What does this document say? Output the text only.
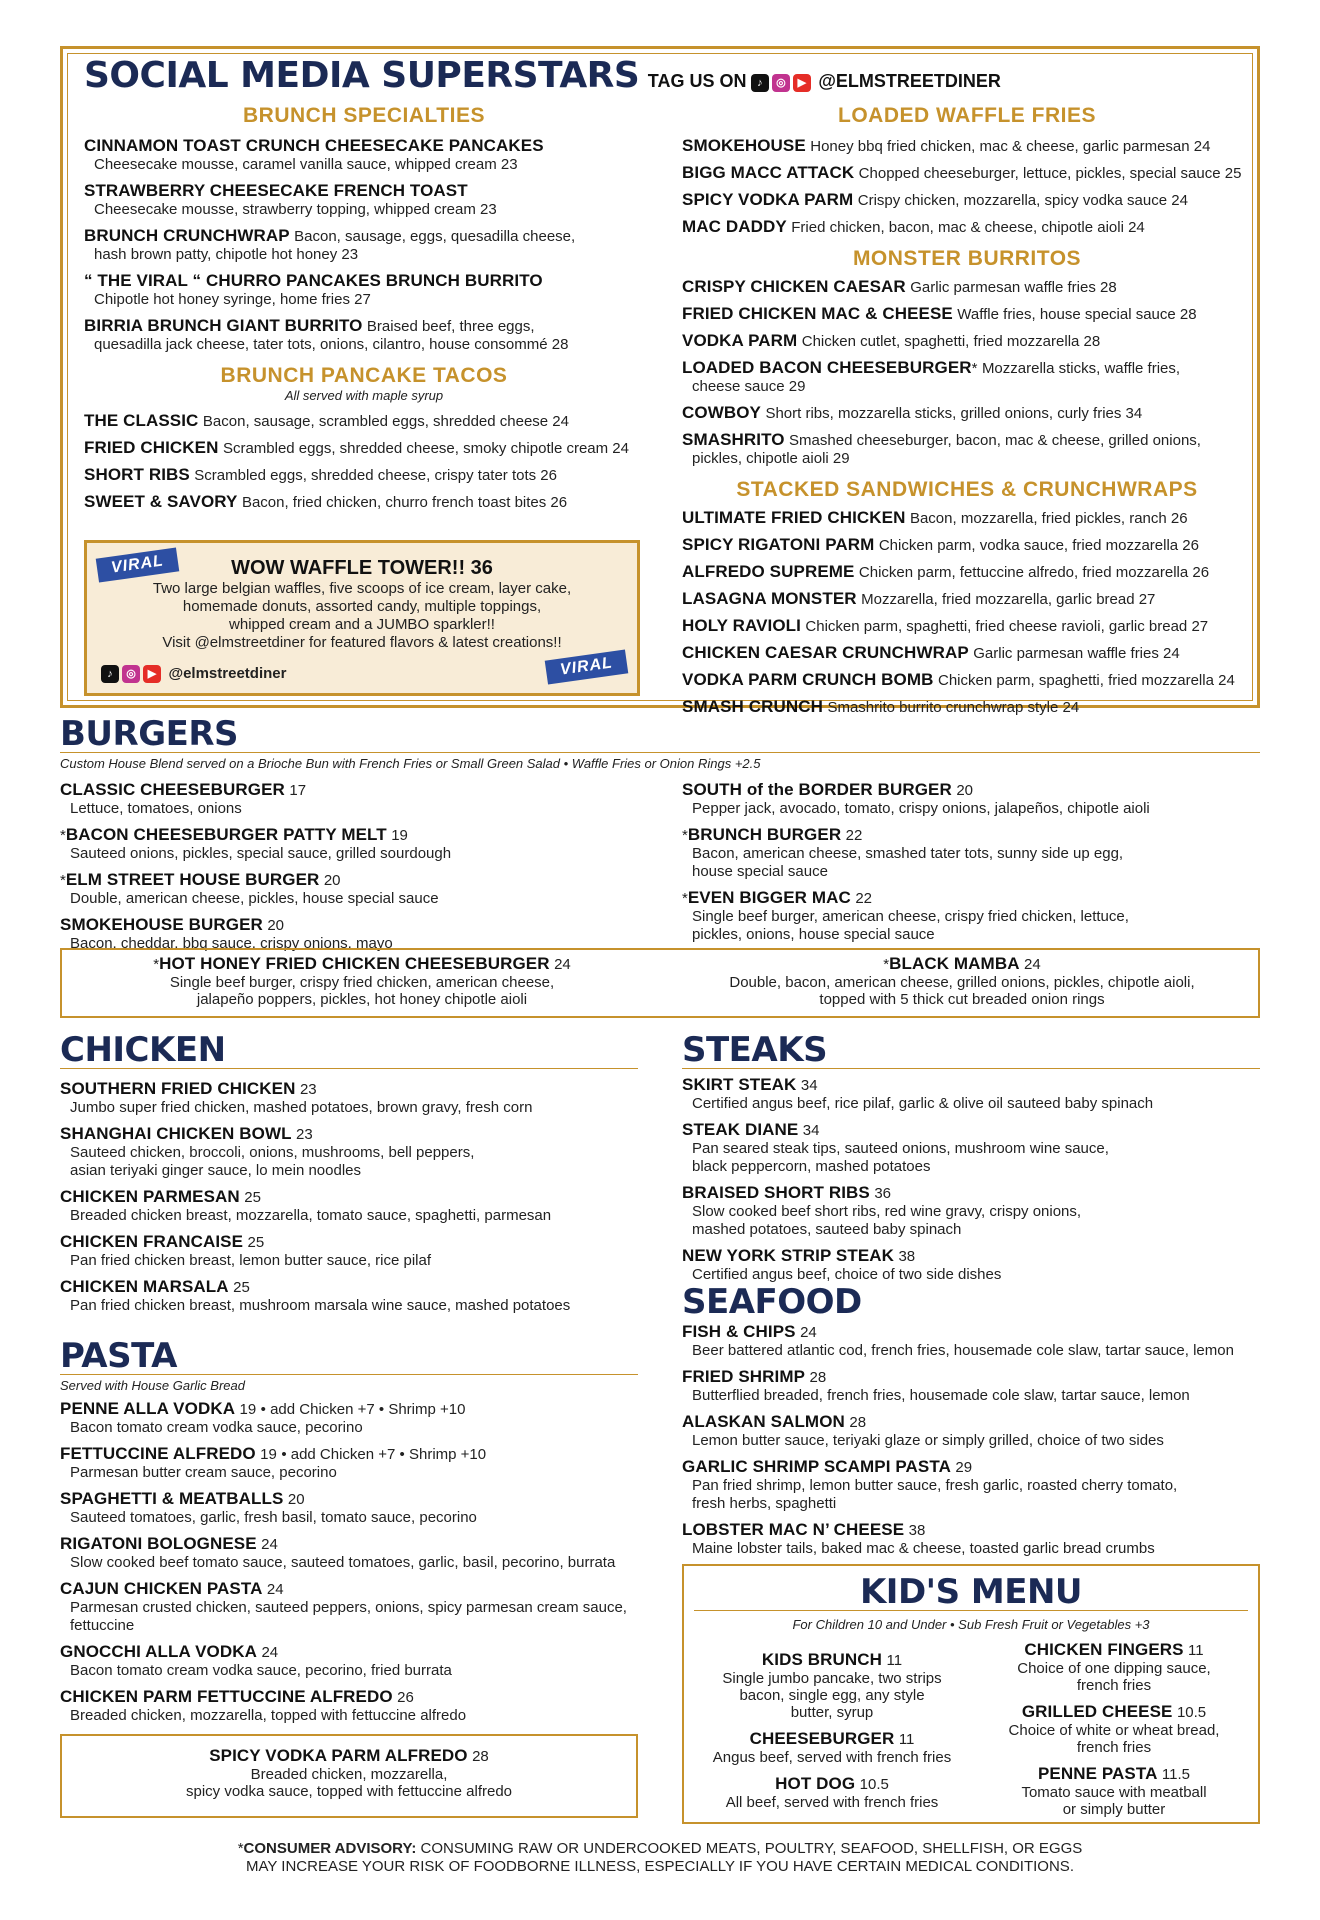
SOCIAL MEDIA SUPERSTARS TAG US ON ♪ ◎ ▶ @ELMSTREETDINER
BRUNCH SPECIALTIES
CINNAMON TOAST CRUNCH CHEESECAKE PANCAKES
Cheesecake mousse, caramel vanilla sauce, whipped cream 23
STRAWBERRY CHEESECAKE FRENCH TOAST
Cheesecake mousse, strawberry topping, whipped cream 23
BRUNCH CRUNCHWRAP Bacon, sausage, eggs, quesadilla cheese,
hash brown patty, chipotle hot honey 23
“ THE VIRAL “ CHURRO PANCAKES BRUNCH BURRITO
Chipotle hot honey syringe, home fries 27
BIRRIA BRUNCH GIANT BURRITO Braised beef, three eggs,
quesadilla jack cheese, tater tots, onions, cilantro, house consommé 28
BRUNCH PANCAKE TACOS
All served with maple syrup
THE CLASSIC Bacon, sausage, scrambled eggs, shredded cheese 24
FRIED CHICKEN Scrambled eggs, shredded cheese, smoky chipotle cream 24
SHORT RIBS Scrambled eggs, shredded cheese, crispy tater tots 26
SWEET & SAVORY Bacon, fried chicken, churro french toast bites 26
VIRAL
VIRAL
WOW WAFFLE TOWER!! 36
Two large belgian waffles, five scoops of ice cream, layer cake,
homemade donuts, assorted candy, multiple toppings,
whipped cream and a JUMBO sparkler!!
Visit @elmstreetdiner for featured flavors & latest creations!!
♪ ◎ ▶ @elmstreetdiner
LOADED WAFFLE FRIES
SMOKEHOUSE Honey bbq fried chicken, mac & cheese, garlic parmesan 24
BIGG MACC ATTACK Chopped cheeseburger, lettuce, pickles, special sauce 25
SPICY VODKA PARM Crispy chicken, mozzarella, spicy vodka sauce 24
MAC DADDY Fried chicken, bacon, mac & cheese, chipotle aioli 24
MONSTER BURRITOS
CRISPY CHICKEN CAESAR Garlic parmesan waffle fries 28
FRIED CHICKEN MAC & CHEESE Waffle fries, house special sauce 28
VODKA PARM Chicken cutlet, spaghetti, fried mozzarella 28
LOADED BACON CHEESEBURGER* Mozzarella sticks, waffle fries,
cheese sauce 29
COWBOY Short ribs, mozzarella sticks, grilled onions, curly fries 34
SMASHRITO Smashed cheeseburger, bacon, mac & cheese, grilled onions,
pickles, chipotle aioli 29
STACKED SANDWICHES & CRUNCHWRAPS
ULTIMATE FRIED CHICKEN Bacon, mozzarella, fried pickles, ranch 26
SPICY RIGATONI PARM Chicken parm, vodka sauce, fried mozzarella 26
ALFREDO SUPREME Chicken parm, fettuccine alfredo, fried mozzarella 26
LASAGNA MONSTER Mozzarella, fried mozzarella, garlic bread 27
HOLY RAVIOLI Chicken parm, spaghetti, fried cheese ravioli, garlic bread 27
CHICKEN CAESAR CRUNCHWRAP Garlic parmesan waffle fries 24
VODKA PARM CRUNCH BOMB Chicken parm, spaghetti, fried mozzarella 24
SMASH CRUNCH Smashrito burrito crunchwrap style 24
BURGERS
Custom House Blend served on a Brioche Bun with French Fries or Small Green Salad • Waffle Fries or Onion Rings +2.5
CLASSIC CHEESEBURGER 17
Lettuce, tomatoes, onions
*BACON CHEESEBURGER PATTY MELT 19
Sauteed onions, pickles, special sauce, grilled sourdough
*ELM STREET HOUSE BURGER 20
Double, american cheese, pickles, house special sauce
SMOKEHOUSE BURGER 20
Bacon, cheddar, bbq sauce, crispy onions, mayo
SOUTH of the BORDER BURGER 20
Pepper jack, avocado, tomato, crispy onions, jalapeños, chipotle aioli
*BRUNCH BURGER 22
Bacon, american cheese, smashed tater tots, sunny side up egg,
house special sauce
*EVEN BIGGER MAC 22
Single beef burger, american cheese, crispy fried chicken, lettuce,
pickles, onions, house special sauce
*HOT HONEY FRIED CHICKEN CHEESEBURGER 24
Single beef burger, crispy fried chicken, american cheese,
jalapeño poppers, pickles, hot honey chipotle aioli
*BLACK MAMBA 24
Double, bacon, american cheese, grilled onions, pickles, chipotle aioli,
topped with 5 thick cut breaded onion rings
CHICKEN
SOUTHERN FRIED CHICKEN 23
Jumbo super fried chicken, mashed potatoes, brown gravy, fresh corn
SHANGHAI CHICKEN BOWL 23
Sauteed chicken, broccoli, onions, mushrooms, bell peppers,
asian teriyaki ginger sauce, lo mein noodles
CHICKEN PARMESAN 25
Breaded chicken breast, mozzarella, tomato sauce, spaghetti, parmesan
CHICKEN FRANCAISE 25
Pan fried chicken breast, lemon butter sauce, rice pilaf
CHICKEN MARSALA 25
Pan fried chicken breast, mushroom marsala wine sauce, mashed potatoes
PASTA
Served with House Garlic Bread
PENNE ALLA VODKA 19 • add Chicken +7 • Shrimp +10
Bacon tomato cream vodka sauce, pecorino
FETTUCCINE ALFREDO 19 • add Chicken +7 • Shrimp +10
Parmesan butter cream sauce, pecorino
SPAGHETTI & MEATBALLS 20
Sauteed tomatoes, garlic, fresh basil, tomato sauce, pecorino
RIGATONI BOLOGNESE 24
Slow cooked beef tomato sauce, sauteed tomatoes, garlic, basil, pecorino, burrata
CAJUN CHICKEN PASTA 24
Parmesan crusted chicken, sauteed peppers, onions, spicy parmesan cream sauce,
fettuccine
GNOCCHI ALLA VODKA 24
Bacon tomato cream vodka sauce, pecorino, fried burrata
CHICKEN PARM FETTUCCINE ALFREDO 26
Breaded chicken, mozzarella, topped with fettuccine alfredo
SPICY VODKA PARM ALFREDO 28
Breaded chicken, mozzarella,
spicy vodka sauce, topped with fettuccine alfredo
STEAKS
SKIRT STEAK 34
Certified angus beef, rice pilaf, garlic & olive oil sauteed baby spinach
STEAK DIANE 34
Pan seared steak tips, sauteed onions, mushroom wine sauce,
black peppercorn, mashed potatoes
BRAISED SHORT RIBS 36
Slow cooked beef short ribs, red wine gravy, crispy onions,
mashed potatoes, sauteed baby spinach
NEW YORK STRIP STEAK 38
Certified angus beef, choice of two side dishes
SEAFOOD
FISH & CHIPS 24
Beer battered atlantic cod, french fries, housemade cole slaw, tartar sauce, lemon
FRIED SHRIMP 28
Butterflied breaded, french fries, housemade cole slaw, tartar sauce, lemon
ALASKAN SALMON 28
Lemon butter sauce, teriyaki glaze or simply grilled, choice of two sides
GARLIC SHRIMP SCAMPI PASTA 29
Pan fried shrimp, lemon butter sauce, fresh garlic, roasted cherry tomato,
fresh herbs, spaghetti
LOBSTER MAC N’ CHEESE 38
Maine lobster tails, baked mac & cheese, toasted garlic bread crumbs
KID'S MENU
For Children 10 and Under • Sub Fresh Fruit or Vegetables +3
KIDS BRUNCH 11
Single jumbo pancake, two strips
bacon, single egg, any style
butter, syrup
CHEESEBURGER 11
Angus beef, served with french fries
HOT DOG 10.5
All beef, served with french fries
CHICKEN FINGERS 11
Choice of one dipping sauce,
french fries
GRILLED CHEESE 10.5
Choice of white or wheat bread,
french fries
PENNE PASTA 11.5
Tomato sauce with meatball
or simply butter
*CONSUMER ADVISORY: CONSUMING RAW OR UNDERCOOKED MEATS, POULTRY, SEAFOOD, SHELLFISH, OR EGGS
MAY INCREASE YOUR RISK OF FOODBORNE ILLNESS, ESPECIALLY IF YOU HAVE CERTAIN MEDICAL CONDITIONS.
